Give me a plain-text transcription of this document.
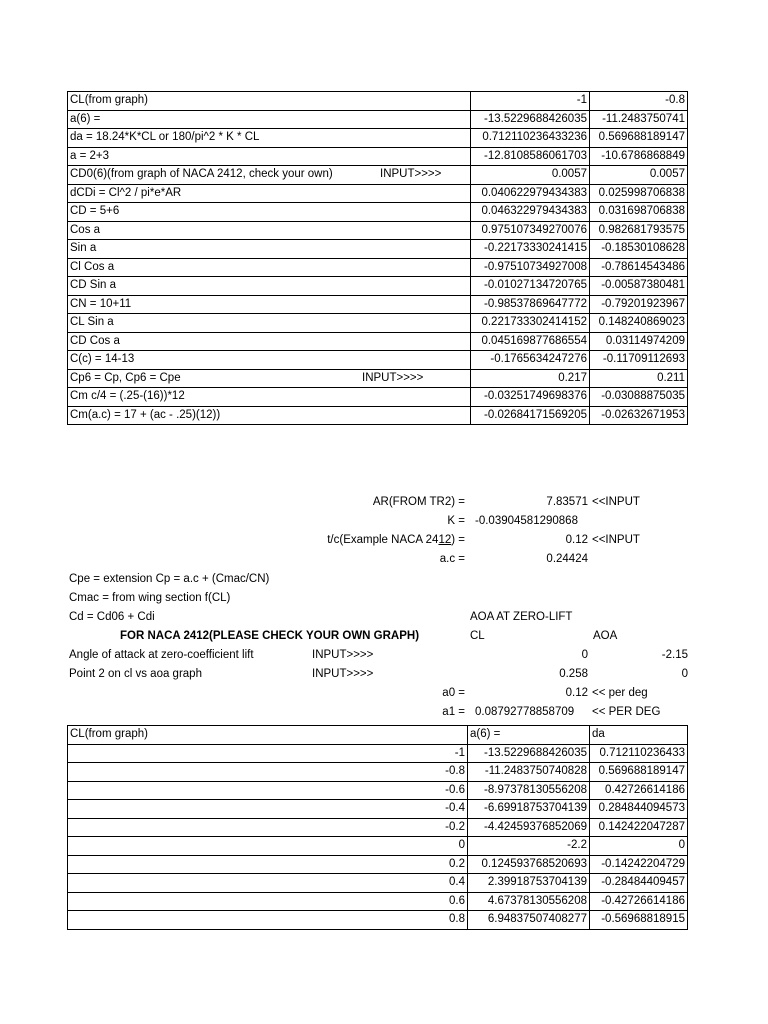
CL(from graph)	-1	-0.8
a(6) =	-13.5229688426035	-11.2483750741
da = 18.24*K*CL or 180/pi^2 * K * CL	0.712110236433236	0.569688189147
a = 2+3	-12.8108586061703	-10.6786868849
CD0(6)(from graph of NACA 2412, check your own) INPUT>>>>	0.0057	0.0057
dCDi = Cl^2 / pi*e*AR	0.040622979434383	0.025998706838
CD = 5+6	0.046322979434383	0.031698706838
Cos a	0.975107349270076	0.982681793575
Sin a	-0.22173330241415	-0.18530108628
Cl Cos a	-0.97510734927008	-0.78614543486
CD Sin a	-0.01027134720765	-0.00587380481
CN = 10+11	-0.98537869647772	-0.79201923967
CL Sin a	0.221733302414152	0.148240869023
CD Cos a	0.045169877686554	0.03114974209
C(c) = 14-13	-0.1765634247276	-0.11709112693
Cp6 = Cp, Cp6 = Cpe INPUT>>>>	0.217	0.211
Cm c/4 = (.25-(16))*12	-0.03251749698376	-0.03088875035
Cm(a.c) = 17 + (ac - .25)(12))	-0.02684171569205	-0.02632671953
AR(FROM TR2) =	7.83571 <<INPUT
K = -0.03904581290868
t/c(Example NACA 2412) =	0.12 <<INPUT
a.c =	0.24424
Cpe = extension Cp = a.c + (Cmac/CN)
Cmac = from wing section f(CL)
Cd = Cd06 + Cdi	AOA AT ZERO-LIFT
FOR NACA 2412(PLEASE CHECK YOUR OWN GRAPH)	CL	AOA
Angle of attack at zero-coefficient lift	INPUT>>>>	0	-2.15
Point 2 on cl vs aoa graph	INPUT>>>>	0.258	0
a0 =	0.12 << per deg
a1 = 0.08792778858709 << PER DEG
CL(from graph)	a(6) =	da
-1	-13.5229688426035	0.712110236433
-0.8	-11.2483750740828	0.569688189147
-0.6	-8.97378130556208	0.42726614186
-0.4	-6.69918753704139	0.284844094573
-0.2	-4.42459376852069	0.142422047287
0	-2.2	0
0.2	0.124593768520693	-0.14242204729
0.4	2.39918753704139	-0.28484409457
0.6	4.67378130556208	-0.42726614186
0.8	6.94837507408277	-0.56968818915
